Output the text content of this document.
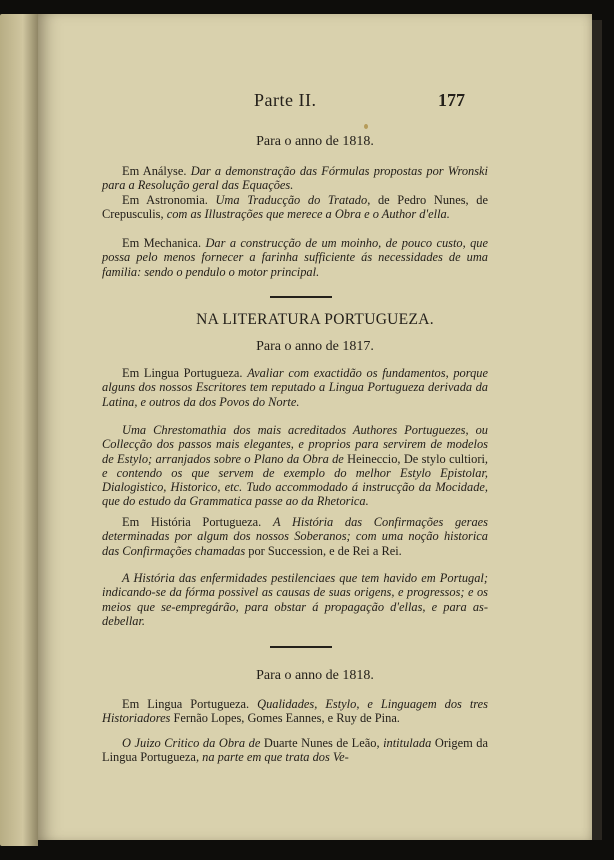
Parte II.	177
Para o anno de 1818.

Em Anályse. Dar a demonstração das Fórmulas propostas por Wronski para a Resolução geral das Equações.

Em Astronomia. Uma Traducção do Tratado, de Pedro Nunes, de Crepusculis, com as Illustrações que merece a Obra e o Author d'ella.

Em Mechanica. Dar a construcção de um moinho, de pouco custo, que possa pelo menos fornecer a farinha sufficiente ás necessidades de uma familia: sendo o pendulo o motor principal.

NA LITERATURA PORTUGUEZA.
Para o anno de 1817.

Em Lingua Portugueza. Avaliar com exactidão os fundamentos, porque alguns dos nossos Escritores tem reputado a Lingua Portugueza derivada da Latina, e outros da dos Povos do Norte.

Uma Chrestomathia dos mais acreditados Authores Portuguezes, ou Collecção dos passos mais elegantes, e proprios para servirem de modelos de Estylo; arranjados sobre o Plano da Obra de Heineccio, De stylo cultiori, e contendo os que servem de exemplo do melhor Estylo Epistolar, Dialogistico, Historico, etc. Tudo accommodado á instrucção da Mocidade, que do estudo da Grammatica passe ao da Rhetorica.

Em História Portugueza. A História das Confirmações geraes determinadas por algum dos nossos Soberanos; com uma noção historica das Confirmações chamadas por Succession, e de Rei a Rei.

A História das enfermidades pestilenciaes que tem havido em Portugal; indicando-se da fórma possivel as causas de suas origens, e progressos; e os meios que se-empregárão, para obstar á propagação d'ellas, e para as-debellar.

Para o anno de 1818.

Em Lingua Portugueza. Qualidades, Estylo, e Linguagem dos tres Historiadores Fernão Lopes, Gomes Eannes, e Ruy de Pina.

O Juizo Critico da Obra de Duarte Nunes de Leão, intitulada Origem da Lingua Portugueza, na parte em que trata dos Ve-
